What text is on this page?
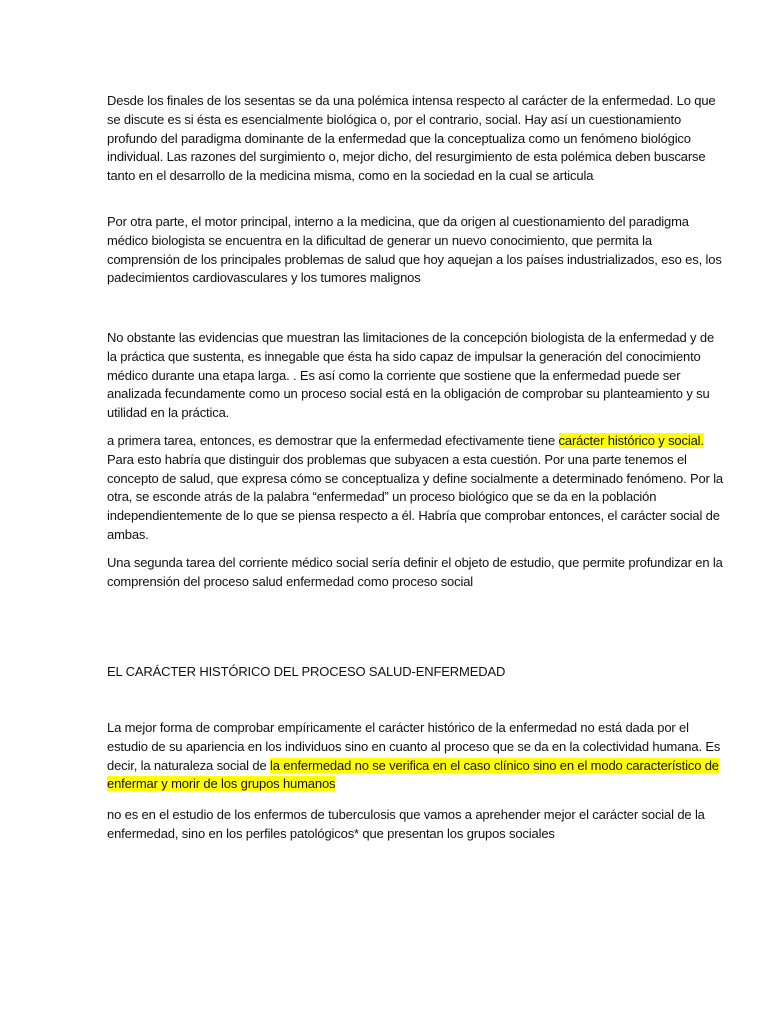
Desde los finales de los sesentas se da una polémica intensa respecto al carácter de la enfermedad. Lo que se discute es si ésta es esencialmente biológica o, por el contrario, social. Hay así un cuestionamiento profundo del paradigma dominante de la enfermedad que la conceptualiza como un fenómeno biológico individual. Las razones del surgimiento o, mejor dicho, del resurgimiento de esta polémica deben buscarse tanto en el desarrollo de la medicina misma, como en la sociedad en la cual se articula

Por otra parte, el motor principal, interno a la medicina, que da origen al cuestionamiento del paradigma médico biologista se encuentra en la dificultad de generar un nuevo conocimiento, que permita la comprensión de los principales problemas de salud que hoy aquejan a los países industrializados, eso es, los padecimientos cardiovasculares y los tumores malignos

No obstante las evidencias que muestran las limitaciones de la concepción biologista de la enfermedad y de la práctica que sustenta, es innegable que ésta ha sido capaz de impulsar la generación del conocimiento médico durante una etapa larga. . Es así como la corriente que sostiene que la enfermedad puede ser analizada fecundamente como un proceso social está en la obligación de comprobar su planteamiento y su utilidad en la práctica.

a primera tarea, entonces, es demostrar que la enfermedad efectivamente tiene carácter histórico y social. Para esto habría que distinguir dos problemas que subyacen a esta cuestión. Por una parte tenemos el concepto de salud, que expresa cómo se conceptualiza y define socialmente a determinado fenómeno. Por la otra, se esconde atrás de la palabra “enfermedad” un proceso biológico que se da en la población independientemente de lo que se piensa respecto a él. Habría que comprobar entonces, el carácter social de ambas.

Una segunda tarea del corriente médico social sería definir el objeto de estudio, que permite profundizar en la comprensión del proceso salud enfermedad como proceso social

EL CARÁCTER HISTÓRICO DEL PROCESO SALUD-ENFERMEDAD

La mejor forma de comprobar empíricamente el carácter histórico de la enfermedad no está dada por el estudio de su apariencia en los individuos sino en cuanto al proceso que se da en la colectividad humana. Es decir, la naturaleza social de la enfermedad no se verifica en el caso clínico sino en el modo característico de enfermar y morir de los grupos humanos

no es en el estudio de los enfermos de tuberculosis que vamos a aprehender mejor el carácter social de la enfermedad, sino en los perfiles patológicos* que presentan los grupos sociales
